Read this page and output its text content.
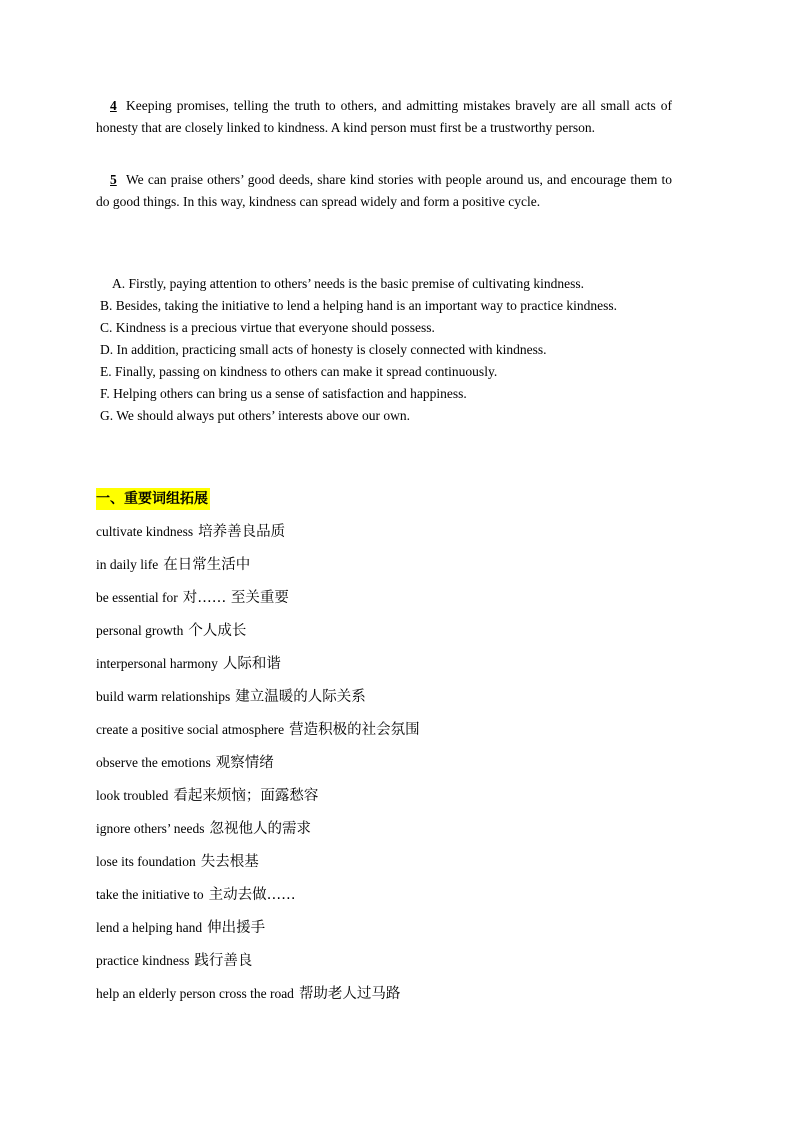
4 Keeping promises, telling the truth to others, and admitting mistakes bravely are all small acts of honesty that are closely linked to kindness. A kind person must first be a trustworthy person.

5 We can praise others’ good deeds, share kind stories with people around us, and encourage them to do good things. In this way, kindness can spread widely and form a positive cycle.

A. Firstly, paying attention to others’ needs is the basic premise of cultivating kindness.

B. Besides, taking the initiative to lend a helping hand is an important way to practice kindness.

C. Kindness is a precious virtue that everyone should possess.

D. In addition, practicing small acts of honesty is closely connected with kindness.

E. Finally, passing on kindness to others can make it spread continuously.

F. Helping others can bring us a sense of satisfaction and happiness.

G. We should always put others’ interests above our own.

一、重要词组拓展
cultivate kindness 培养善良品质
in daily life 在日常生活中
be essential for 对…… 至关重要
personal growth 个人成长
interpersonal harmony 人际和谐
build warm relationships 建立温暖的人际关系
create a positive social atmosphere 营造积极的社会氛围
observe the emotions 观察情绪
look troubled 看起来烦恼；面露愁容
ignore others’ needs 忽视他人的需求
lose its foundation 失去根基
take the initiative to 主动去做……
lend a helping hand 伸出援手
practice kindness 践行善良
help an elderly person cross the road 帮助老人过马路
